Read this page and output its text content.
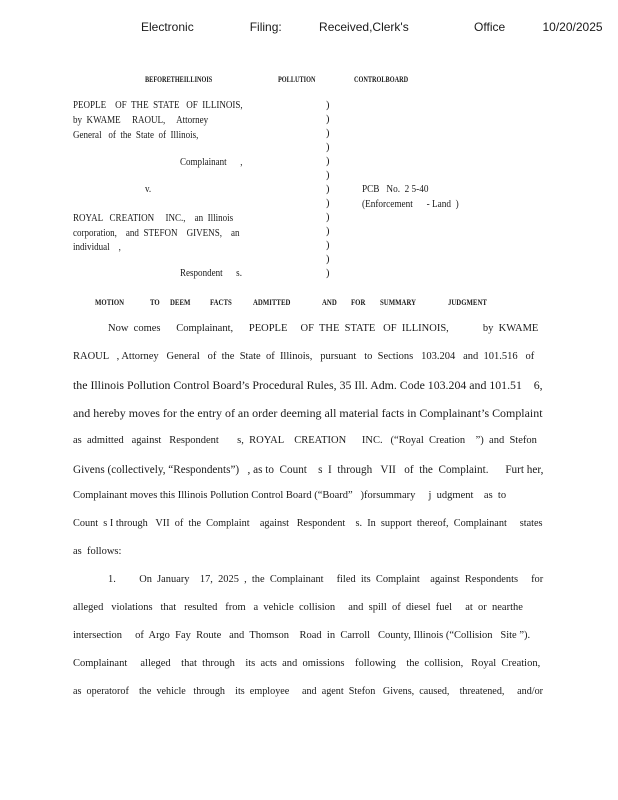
Electronic      Filing:    Received,Clerk's       Office    10/20/2025
BEFORETHEILLINOIS	POLLUTION	CONTROLBOARD
PEOPLE    OF  THE  STATE   OF  ILLINOIS,
by  KWAME     RAOUL,     Attorney
General   of  the  State  of  Illinois,
Complainant      ,
v.
ROYAL   CREATION     INC.,    an  Illinois
corporation,    and  STEFON    GIVENS,    an
individual    ,
Respondent      s.
)
)
)
)
)
)
)
)
)
)
)
)
)
PCB   No.  2 5-40
(Enforcement      - Land  )
MOTION	TO DEEM FACTS ADMITTED	AND FOR SUMMARY	JUDGMENT
Now  comes      Complainant,      PEOPLE     OF  THE  STATE   OF  ILLINOIS,             by  KWAME
RAOUL   , Attorney   General   of  the  State  of  Illinois,   pursuant   to  Sections   103.204   and  101.516   of
the Illinois Pollution Control Board’s Procedural Rules, 35 Ill. Adm. Code 103.204 and 101.51    6,
and hereby moves for the entry of an order deeming all material facts in Complainant’s Complaint
as  admitted   against   Respondent       s,  ROYAL    CREATION      INC.   (“Royal  Creation    ”)  and  Stefon
Givens (collectively, “Respondents”)   , as to  Count    s  I  through   VII   of  the  Complaint.      Furt her,
Complainant moves this Illinois Pollution Control Board (“Board”   )forsummary     j  udgment    as  to
Count  s I through   VII  of  the  Complaint    against   Respondent    s.  In  support  thereof,  Complainant     states
as  follows:
1.         On  January    17,  2025  ,  the  Complainant     filed  its  Complaint    against  Respondents     for
alleged   violations   that   resulted   from   a  vehicle  collision     and  spill  of  diesel  fuel     at  or  nearthe
intersection     of  Argo  Fay  Route   and  Thomson    Road  in  Carroll   County, Illinois (“Collision   Site ”).
Complainant     alleged    that  through    its  acts  and  omissions    following    the  collision,   Royal  Creation,
as  operatorof    the  vehicle   through    its  employee     and  agent  Stefon   Givens,  caused,    threatened,     and/or
